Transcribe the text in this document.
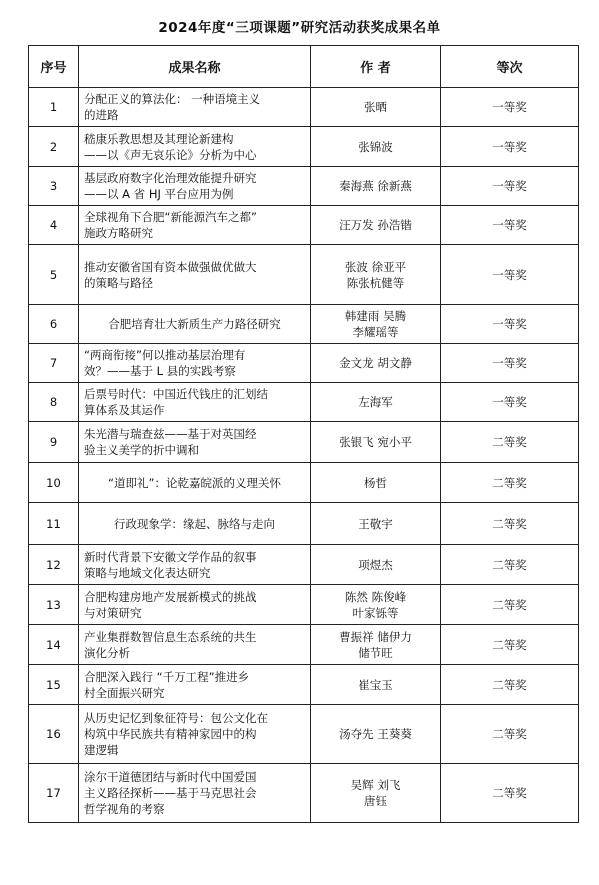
2024年度“三项课题”研究活动获奖成果名单
序号	成果名称	作 者	等次

1	分配正义的算法化： 一种语境主义
的进路	张晒	一等奖

2	嵇康乐教思想及其理论新建构
——以《声无哀乐论》分析为中心	张锦波	一等奖

3	基层政府数字化治理效能提升研究
——以 A 省 HJ 平台应用为例	秦海燕 徐新燕	一等奖

4	全球视角下合肥“新能源汽车之都”
施政方略研究	汪万发 孙浩锴	一等奖

5	推动安徽省国有资本做强做优做大
的策略与路径	张波 徐亚平
陈张杭健等	一等奖

6	合肥培育壮大新质生产力路径研究	韩建雨 吴腾
李耀瑶等	一等奖

7	“两商衔接”何以推动基层治理有
效？——基于 L 县的实践考察	金文龙 胡文静	一等奖

8	后票号时代：中国近代钱庄的汇划结
算体系及其运作	左海军	一等奖

9	朱光潜与瑞查兹——基于对英国经
验主义美学的折中调和	张银飞 宛小平	二等奖

10	“道即礼”：论乾嘉皖派的义理关怀	杨哲	二等奖

11	行政现象学：缘起、脉络与走向	王敬宇	二等奖

12	新时代背景下安徽文学作品的叙事
策略与地域文化表达研究	项煜杰	二等奖

13	合肥构建房地产发展新模式的挑战
与对策研究	陈然 陈俊峰
叶家铄等	二等奖

14	产业集群数智信息生态系统的共生
演化分析	曹振祥 储伊力
储节旺	二等奖

15	合肥深入践行 “千万工程”推进乡
村全面振兴研究	崔宝玉	二等奖

16	从历史记忆到象征符号：包公文化在
构筑中华民族共有精神家园中的构
建逻辑	汤夺先 王葵葵	二等奖

17	涂尔干道德团结与新时代中国爱国
主义路径探析——基于马克思社会
哲学视角的考察	吴辉 刘飞
唐钰	二等奖
